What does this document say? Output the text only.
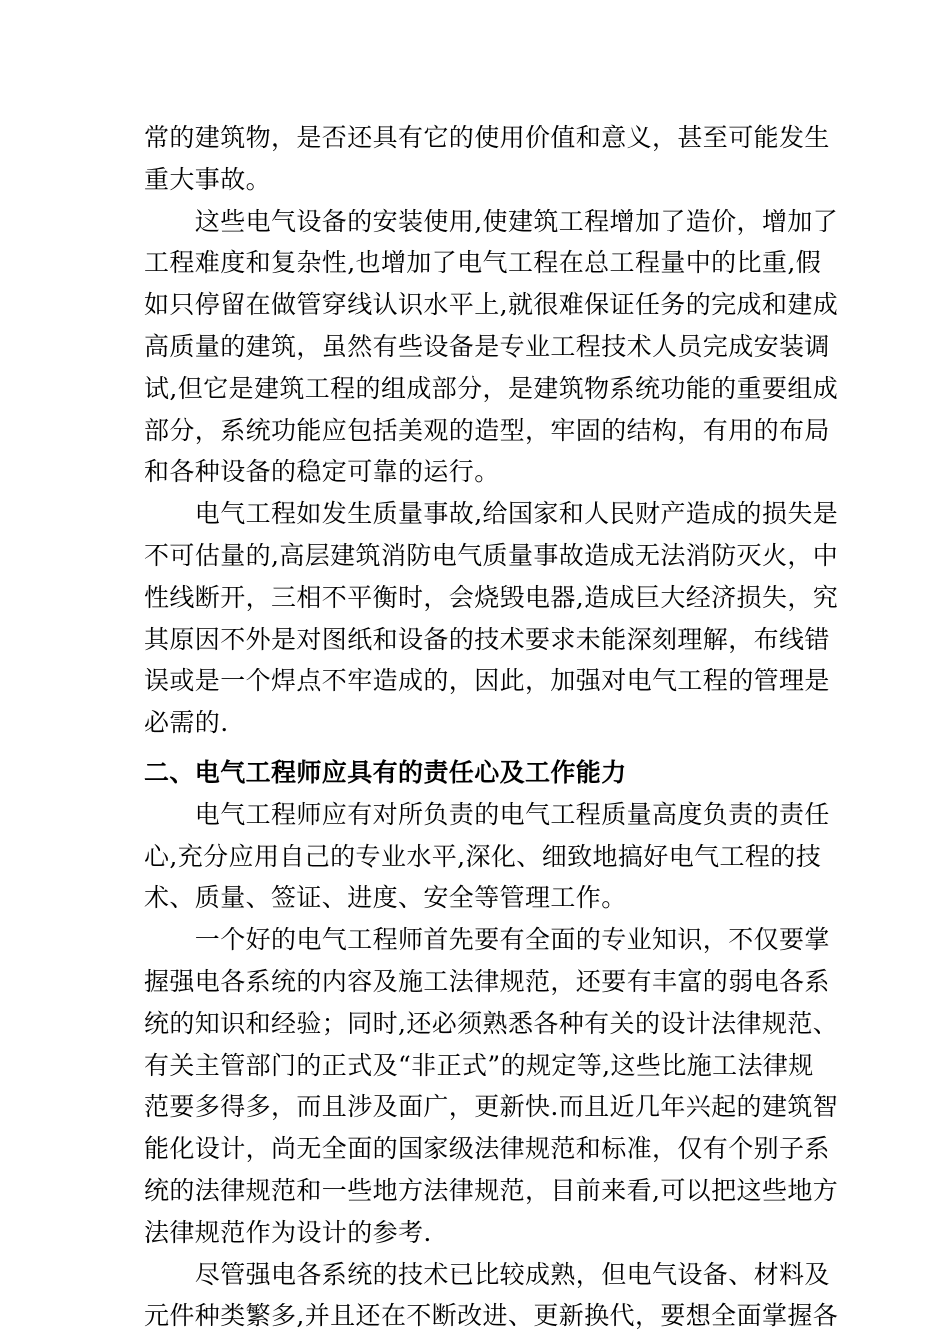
常的建筑物，是否还具有它的使用价值和意义，甚至可能发生
重大事故。
　　这些电气设备的安装使用,使建筑工程增加了造价，增加了
工程难度和复杂性,也增加了电气工程在总工程量中的比重,假
如只停留在做管穿线认识水平上,就很难保证任务的完成和建成
高质量的建筑，虽然有些设备是专业工程技术人员完成安装调
试,但它是建筑工程的组成部分，是建筑物系统功能的重要组成
部分，系统功能应包括美观的造型，牢固的结构，有用的布局
和各种设备的稳定可靠的运行。
　　电气工程如发生质量事故,给国家和人民财产造成的损失是
不可估量的,高层建筑消防电气质量事故造成无法消防灭火，中
性线断开，三相不平衡时，会烧毁电器,造成巨大经济损失，究
其原因不外是对图纸和设备的技术要求未能深刻理解，布线错
误或是一个焊点不牢造成的，因此，加强对电气工程的管理是
必需的.
二、电气工程师应具有的责任心及工作能力
　　电气工程师应有对所负责的电气工程质量高度负责的责任
心,充分应用自己的专业水平,深化、细致地搞好电气工程的技
术、质量、签证、进度、安全等管理工作。
　　一个好的电气工程师首先要有全面的专业知识，不仅要掌
握强电各系统的内容及施工法律规范，还要有丰富的弱电各系
统的知识和经验；同时,还必须熟悉各种有关的设计法律规范、
有关主管部门的正式及“非正式”的规定等,这些比施工法律规
范要多得多，而且涉及面广，更新快.而且近几年兴起的建筑智
能化设计，尚无全面的国家级法律规范和标准，仅有个别子系
统的法律规范和一些地方法律规范，目前来看,可以把这些地方
法律规范作为设计的参考.
　　尽管强电各系统的技术已比较成熟，但电气设备、材料及
元件种类繁多,并且还在不断改进、更新换代，要想全面掌握各
